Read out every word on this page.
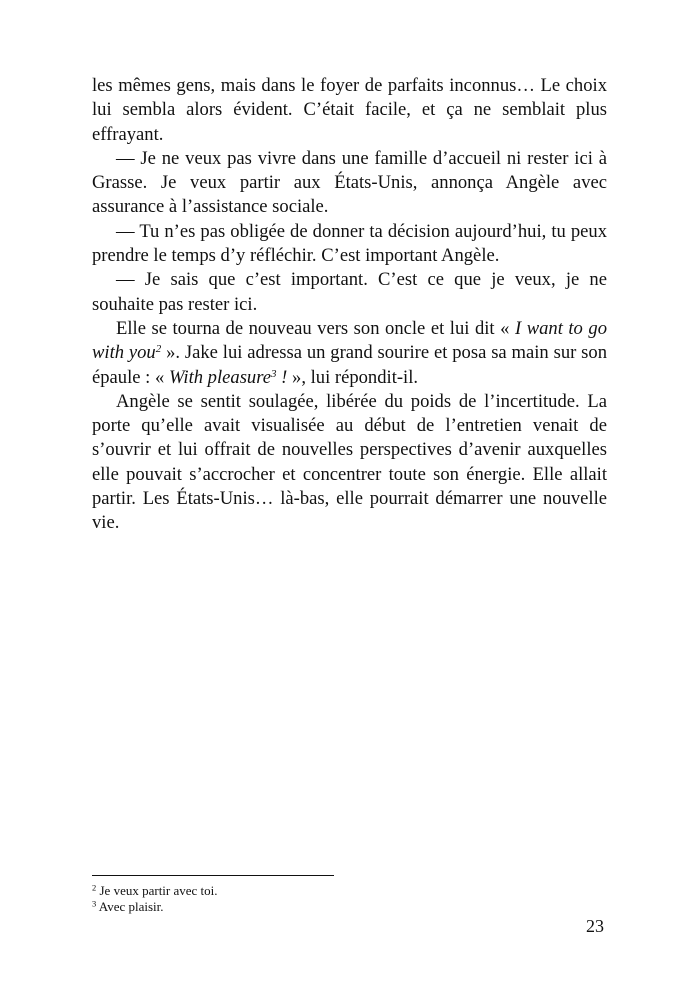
les mêmes gens, mais dans le foyer de parfaits inconnus… Le choix lui sembla alors évident. C’était facile, et ça ne semblait plus effrayant.

— Je ne veux pas vivre dans une famille d’accueil ni rester ici à Grasse. Je veux partir aux États-Unis, annonça Angèle avec assurance à l’assistance sociale.

— Tu n’es pas obligée de donner ta décision aujourd’hui, tu peux prendre le temps d’y réfléchir. C’est important Angèle.

— Je sais que c’est important. C’est ce que je veux, je ne souhaite pas rester ici.

Elle se tourna de nouveau vers son oncle et lui dit « I want to go with you$^2$ ». Jake lui adressa un grand sourire et posa sa main sur son épaule : « With pleasure$^3$ ! », lui répondit-il.

Angèle se sentit soulagée, libérée du poids de l’incertitude. La porte qu’elle avait visualisée au début de l’entretien venait de s’ouvrir et lui offrait de nouvelles perspectives d’avenir auxquelles elle pouvait s’accrocher et concentrer toute son énergie. Elle allait partir. Les États-Unis… là-bas, elle pourrait démarrer une nouvelle vie.

$^2$ Je veux partir avec toi.

$^3$ Avec plaisir.

23
